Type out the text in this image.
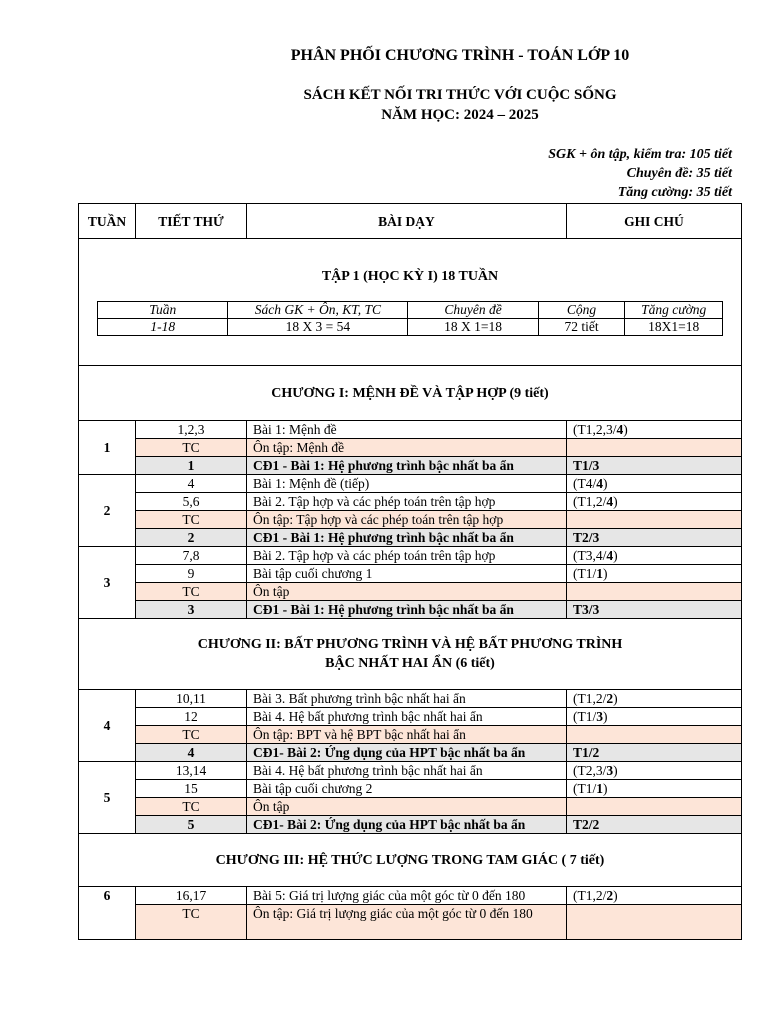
PHÂN PHỐI CHƯƠNG TRÌNH - TOÁN LỚP 10
SÁCH KẾT NỐI TRI THỨC VỚI CUỘC SỐNG
NĂM HỌC: 2024 – 2025
SGK + ôn tập, kiểm tra: 105 tiết
Chuyên đề: 35 tiết
Tăng cường: 35 tiết
TUẦN	TIẾT THỨ	BÀI DẠY	GHI CHÚ

TẬP 1 (HỌC KỲ I) 18 TUẦN
Tuần	Sách GK + Ôn, KT, TC	Chuyên đề	Cộng	Tăng cường
1-18	18 X 3 = 54	18 X 1=18	72 tiết	18X1=18

CHƯƠNG I: MỆNH ĐỀ VÀ TẬP HỢP (9 tiết)
1	1,2,3	Bài 1: Mệnh đề	(T1,2,3/4)
TC	Ôn tập: Mệnh đề	
1	CĐ1 - Bài 1: Hệ phương trình bậc nhất ba ẩn	T1/3
2	4	Bài 1: Mệnh đề (tiếp)	(T4/4)
5,6	Bài 2. Tập hợp và các phép toán trên tập hợp	(T1,2/4)
TC	Ôn tập: Tập hợp và các phép toán trên tập hợp	
2	CĐ1 - Bài 1: Hệ phương trình bậc nhất ba ẩn	T2/3
3	7,8	Bài 2. Tập hợp và các phép toán trên tập hợp	(T3,4/4)
9	Bài tập cuối chương 1	(T1/1)
TC	Ôn tập	
3	CĐ1 - Bài 1: Hệ phương trình bậc nhất ba ẩn	T3/3

CHƯƠNG II: BẤT PHƯƠNG TRÌNH VÀ HỆ BẤT PHƯƠNG TRÌNH
BẬC NHẤT HAI ẨN (6 tiết)

4	10,11	Bài 3. Bất phương trình bậc nhất hai ẩn	(T1,2/2)
12	Bài 4. Hệ bất phương trình bậc nhất hai ẩn	(T1/3)
TC	Ôn tập: BPT và hệ BPT bậc nhất hai ẩn	
4	CĐ1- Bài 2: Ứng dụng của HPT bậc nhất ba ẩn	T1/2
5	13,14	Bài 4. Hệ bất phương trình bậc nhất hai ẩn	(T2,3/3)
15	Bài tập cuối chương 2	(T1/1)
TC	Ôn tập	
5	CĐ1- Bài 2: Ứng dụng của HPT bậc nhất ba ẩn	T2/2
CHƯƠNG III: HỆ THỨC LƯỢNG TRONG TAM GIÁC ( 7 tiết)
6	16,17	Bài 5: Giá trị lượng giác của một góc từ 0 đến 180	(T1,2/2)
TC	Ôn tập: Giá trị lượng giác của một góc từ 0 đến 180	
